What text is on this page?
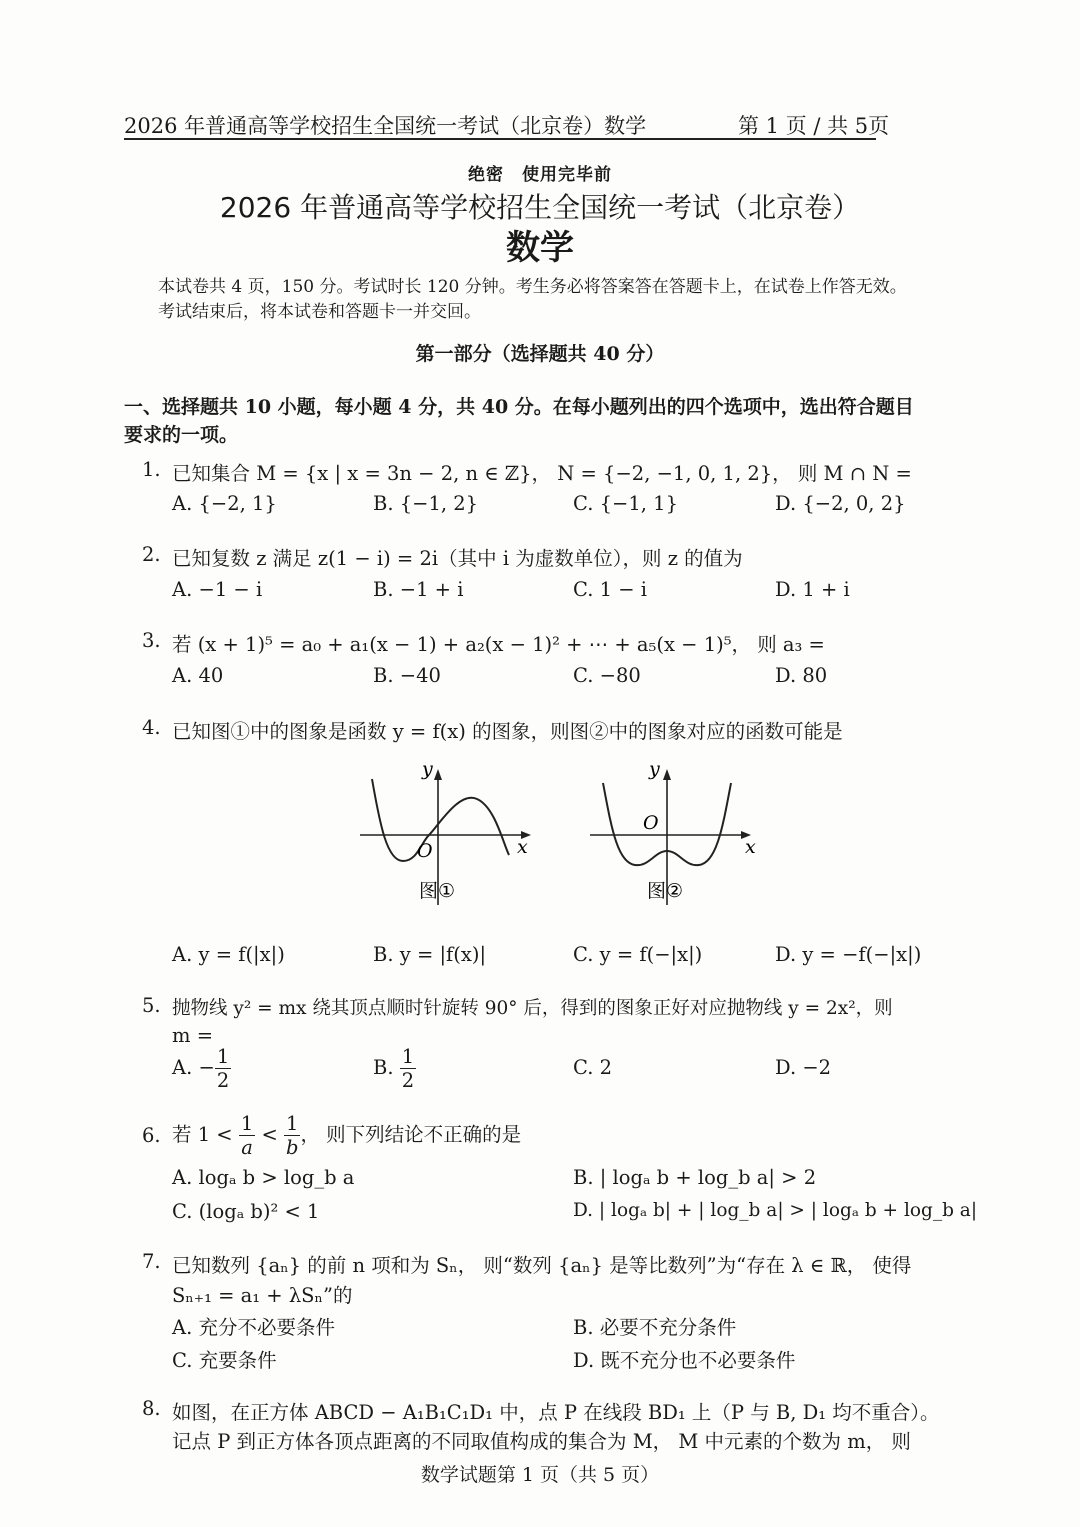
2026 年普通高等学校招生全国统一考试（北京卷）数学	第 1 页 / 共 5页
绝密　使用完毕前
2026 年普通高等学校招生全国统一考试（北京卷）
数学
本试卷共 4 页，150 分。考试时长 120 分钟。考生务必将答案答在答题卡上，在试卷上作答无效。
考试结束后，将本试卷和答题卡一并交回。
第一部分（选择题共 40 分）
一、选择题共 10 小题，每小题 4 分，共 40 分。在每小题列出的四个选项中，选出符合题目
要求的一项。
1. 已知集合 M = {x | x = 3n − 2, n ∈ ℤ}， N = {−2, −1, 0, 1, 2}， 则 M ∩ N =
A. {−2, 1}	B. {−1, 2}	C. {−1, 1}	D. {−2, 0, 2}
2. 已知复数 z 满足 z(1 − i) = 2i（其中 i 为虚数单位），则 z 的值为
A. −1 − i	B. −1 + i	C. 1 − i	D. 1 + i
3. 若 (x + 1)⁵ = a₀ + a₁(x − 1) + a₂(x − 1)² + ⋯ + a₅(x − 1)⁵， 则 a₃ =
A. 40	B. −40	C. −80	D. 80
4. 已知图①中的图象是函数 y = f(x) 的图象，则图②中的图象对应的函数可能是
y
x
O
图①
y
x
O
图②
A. y = f(|x|)	B. y = |f(x)|	C. y = f(−|x|)	D. y = −f(−|x|)
5. 抛物线 y² = mx 绕其顶点顺时针旋转 90° 后，得到的图象正好对应抛物线 y = 2x²，则
m =
A. − $\frac{1}{2}$	B. $\frac{1}{2}$	C. 2	D. −2
6. 若 $1 < \frac{1}{a} < \frac{1}{b}$ ， 则下列结论不正确的是
A. logₐ b > log_b a	B. | logₐ b + log_b a| > 2
C. (logₐ b)² < 1	D. | logₐ b| + | log_b a| > | logₐ b + log_b a|
7. 已知数列 {aₙ} 的前 n 项和为 Sₙ， 则“数列 {aₙ} 是等比数列”为“存在 λ ∈ ℝ， 使得
Sₙ₊₁ = a₁ + λSₙ”的
A. 充分不必要条件	B. 必要不充分条件
C. 充要条件	D. 既不充分也不必要条件
8. 如图，在正方体 ABCD − A₁B₁C₁D₁ 中，点 P 在线段 BD₁ 上（P 与 B, D₁ 均不重合）。
记点 P 到正方体各顶点距离的不同取值构成的集合为 M， M 中元素的个数为 m， 则
数学试题第 1 页（共 5 页）
